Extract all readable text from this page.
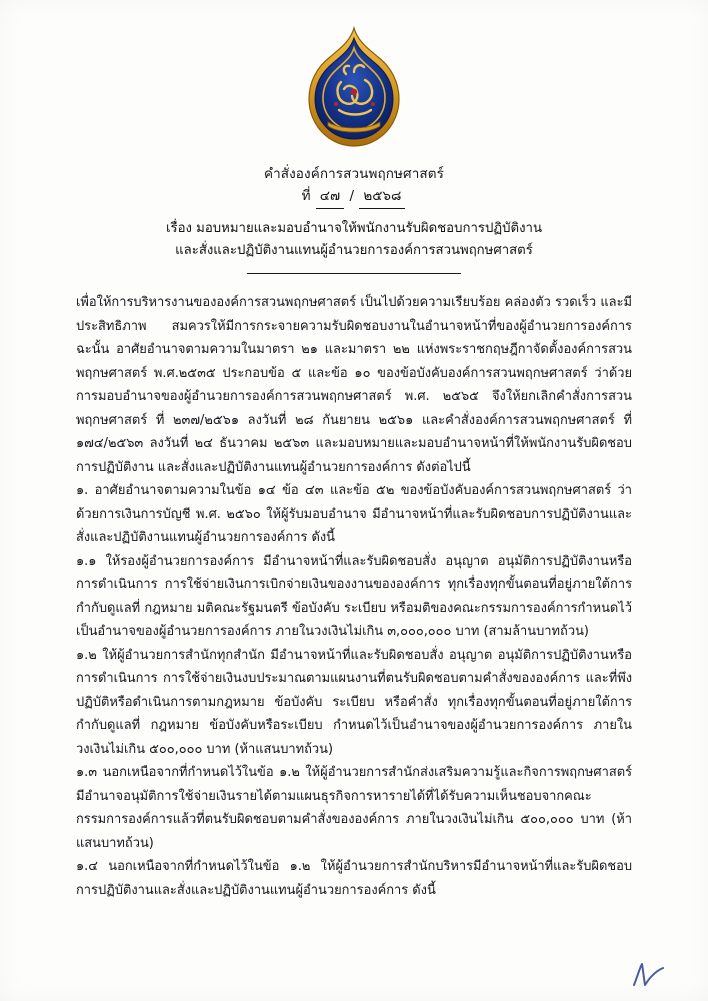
คำสั่งองค์การสวนพฤกษศาสตร์
ที่ ๔๗ / ๒๕๖๘
เรื่อง มอบหมายและมอบอำนาจให้พนักงานรับผิดชอบการปฏิบัติงาน
และสั่งและปฏิบัติงานแทนผู้อำนวยการองค์การสวนพฤกษศาสตร์

เพื่อให้การบริหารงานขององค์การสวนพฤกษศาสตร์ เป็นไปด้วยความเรียบร้อย คล่องตัว รวดเร็ว และมีประสิทธิภาพ สมควรให้มีการกระจายความรับผิดชอบงานในอำนาจหน้าที่ของผู้อำนวยการองค์การ ฉะนั้น อาศัยอำนาจตามความในมาตรา ๒๑ และมาตรา ๒๒ แห่งพระราชกฤษฎีกาจัดตั้งองค์การสวนพฤกษศาสตร์ พ.ศ.๒๕๓๕ ประกอบข้อ ๕ และข้อ ๑๐ ของข้อบังคับองค์การสวนพฤกษศาสตร์ ว่าด้วยการมอบอำนาจของผู้อำนวยการองค์การสวนพฤกษศาสตร์ พ.ศ. ๒๕๖๕ จึงให้ยกเลิกคำสั่งการสวนพฤกษศาสตร์ ที่ ๒๓๗/๒๕๖๑ ลงวันที่ ๒๘ กันยายน ๒๕๖๑ และคำสั่งองค์การสวนพฤกษศาสตร์ ที่ ๑๗๔/๒๕๖๓ ลงวันที่ ๒๔ ธันวาคม ๒๕๖๓ และมอบหมายและมอบอำนาจหน้าที่ให้พนักงานรับผิดชอบการปฏิบัติงาน และสั่งและปฏิบัติงานแทนผู้อำนวยการองค์การ ดังต่อไปนี้

๑. อาศัยอำนาจตามความในข้อ ๑๔ ข้อ ๔๓ และข้อ ๕๒ ของข้อบังคับองค์การสวนพฤกษศาสตร์ ว่าด้วยการเงินการบัญชี พ.ศ. ๒๕๖๐ ให้ผู้รับมอบอำนาจ มีอำนาจหน้าที่และรับผิดชอบการปฏิบัติงานและสั่งและปฏิบัติงานแทนผู้อำนวยการองค์การ ดังนี้

๑.๑ ให้รองผู้อำนวยการองค์การ มีอำนาจหน้าที่และรับผิดชอบสั่ง อนุญาต อนุมัติการปฏิบัติงานหรือการดำเนินการ การใช้จ่ายเงินการเบิกจ่ายเงินของงานขององค์การ ทุกเรื่องทุกขั้นตอนที่อยู่ภายใต้การกำกับดูแลที่ กฎหมาย มติคณะรัฐมนตรี ข้อบังคับ ระเบียบ หรือมติของคณะกรรมการองค์การกำหนดไว้เป็นอำนาจของผู้อำนวยการองค์การ ภายในวงเงินไม่เกิน ๓,๐๐๐,๐๐๐ บาท (สามล้านบาทถ้วน)

๑.๒ ให้ผู้อำนวยการสำนักทุกสำนัก มีอำนาจหน้าที่และรับผิดชอบสั่ง อนุญาต อนุมัติการปฏิบัติงานหรือการดำเนินการ การใช้จ่ายเงินงบประมาณตามแผนงานที่ตนรับผิดชอบตามคำสั่งขององค์การ และที่พึงปฏิบัติหรือดำเนินการตามกฎหมาย ข้อบังคับ ระเบียบ หรือคำสั่ง ทุกเรื่องทุกขั้นตอนที่อยู่ภายใต้การกำกับดูแลที่ กฎหมาย ข้อบังคับหรือระเบียบ กำหนดไว้เป็นอำนาจของผู้อำนวยการองค์การ ภายในวงเงินไม่เกิน ๕๐๐,๐๐๐ บาท (ห้าแสนบาทถ้วน)

๑.๓ นอกเหนือจากที่กำหนดไว้ในข้อ ๑.๒ ให้ผู้อำนวยการสำนักส่งเสริมความรู้และกิจการพฤกษศาสตร์ มีอำนาจอนุมัติการใช้จ่ายเงินรายได้ตามแผนธุรกิจการหารายได้ที่ได้รับความเห็นชอบจากคณะกรรมการองค์การแล้วที่ตนรับผิดชอบตามคำสั่งขององค์การ ภายในวงเงินไม่เกิน ๕๐๐,๐๐๐ บาท (ห้าแสนบาทถ้วน)

๑.๔ นอกเหนือจากที่กำหนดไว้ในข้อ ๑.๒ ให้ผู้อำนวยการสำนักบริหารมีอำนาจหน้าที่และรับผิดชอบการปฏิบัติงานและสั่งและปฏิบัติงานแทนผู้อำนวยการองค์การ ดังนี้
